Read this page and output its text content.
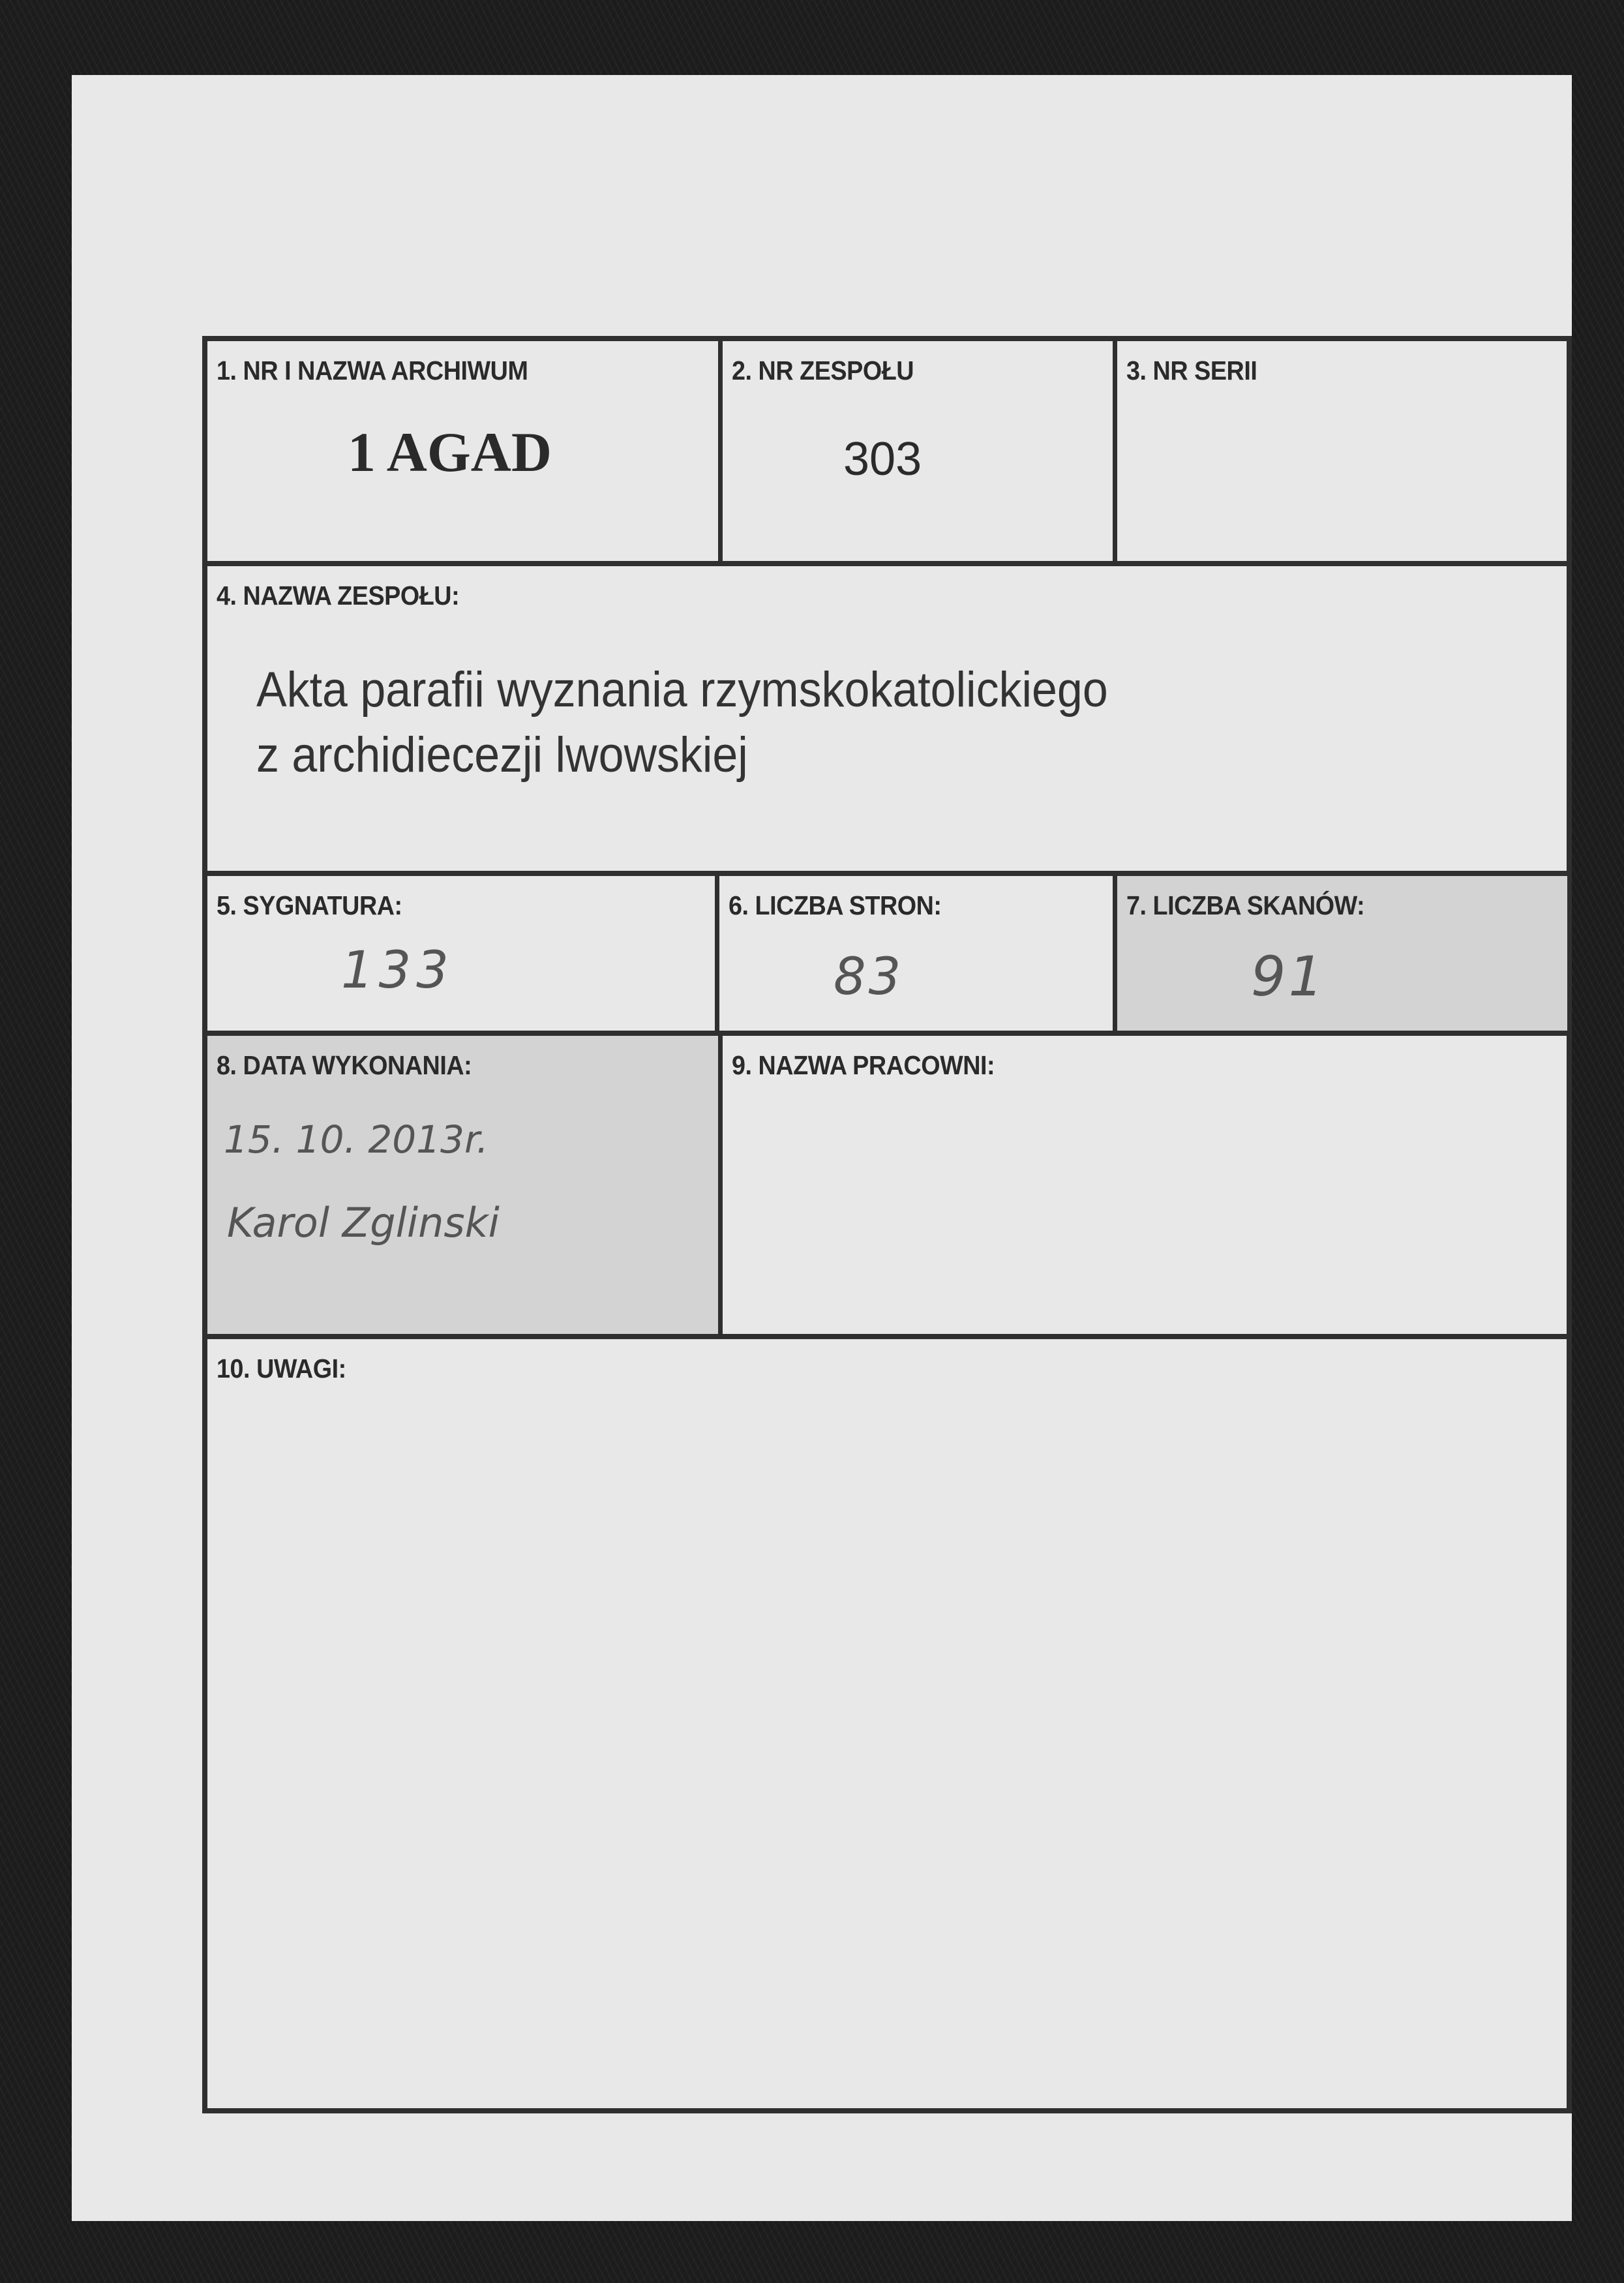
1. NR I NAZWA ARCHIWUM
1 AGAD
2. NR ZESPOŁU
303
3. NR SERII
4. NAZWA ZESPOŁU:
Akta parafii wyznania rzymskokatolickiego
z archidiecezji lwowskiej
5. SYGNATURA:
133
6. LICZBA STRON:
83
7. LICZBA SKANÓW:
91
8. DATA WYKONANIA:
15. 10. 2013r.
Karol Zglinski
9. NAZWA PRACOWNI:
10. UWAGI:
